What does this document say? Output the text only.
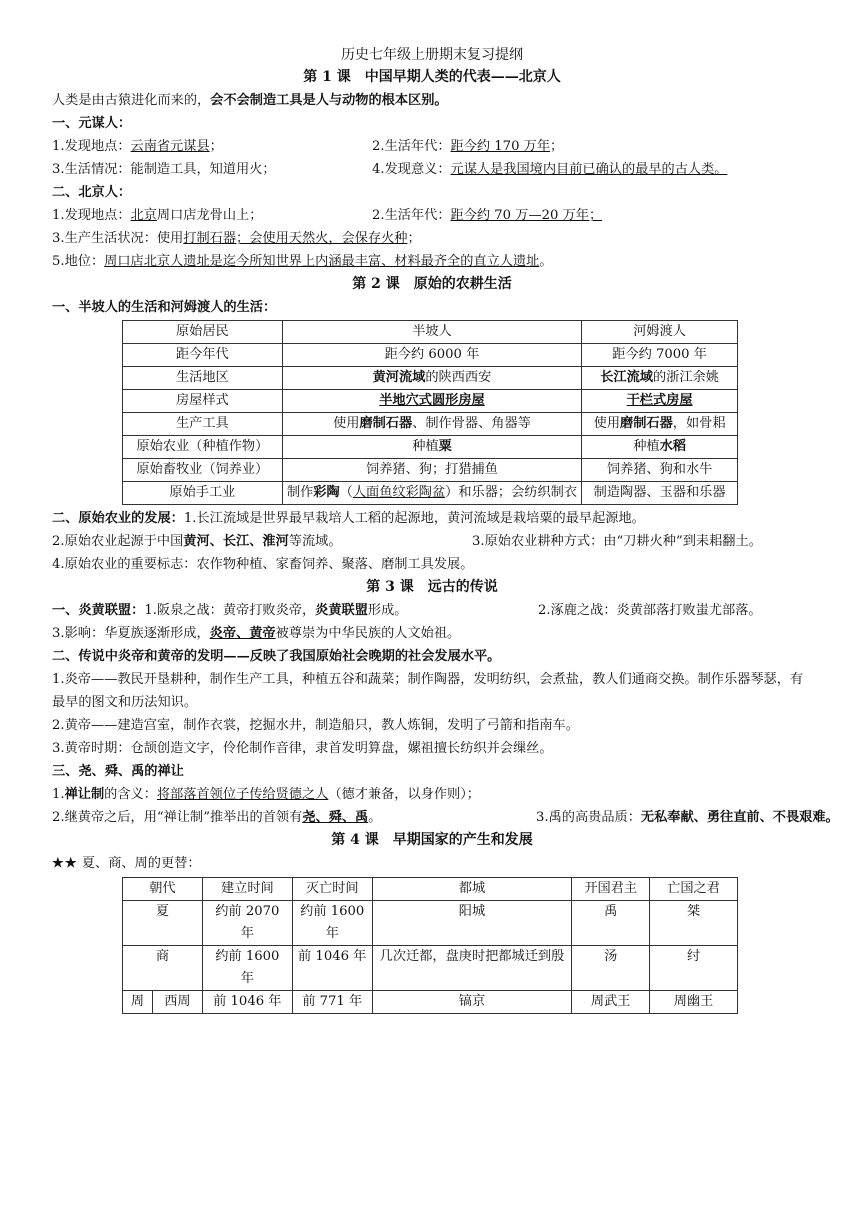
历史七年级上册期末复习提纲
第 1 课　中国早期人类的代表——北京人
人类是由古猿进化而来的，会不会制造工具是人与动物的根本区别。
一、元谋人：
1.发现地点：云南省元谋县；	2.生活年代：距今约 170 万年；
3.生活情况：能制造工具，知道用火；	4.发现意义：元谋人是我国境内目前已确认的最早的古人类。
二、北京人：
1.发现地点：北京周口店龙骨山上；	2.生活年代：距今约 70 万—20 万年；
3.生产生活状况：使用打制石器；会使用天然火，会保存火种；
5.地位：周口店北京人遗址是迄今所知世界上内涵最丰富、材料最齐全的直立人遗址。
第 2 课　原始的农耕生活
一、半坡人的生活和河姆渡人的生活：
原始居民	半坡人	河姆渡人
距今年代	距今约 6000 年	距今约 7000 年
生活地区	黄河流域的陕西西安	长江流域的浙江余姚
房屋样式	半地穴式圆形房屋	干栏式房屋
生产工具	使用磨制石器、制作骨器、角器等	使用磨制石器，如骨耜
原始农业（种植作物）	种植粟	种植水稻
原始畜牧业（饲养业）	饲养猪、狗；打猎捕鱼	饲养猪、狗和水牛
原始手工业	制作彩陶（人面鱼纹彩陶盆）和乐器；会纺织制衣	制造陶器、玉器和乐器
二、原始农业的发展：1.长江流域是世界最早栽培人工稻的起源地，黄河流域是栽培粟的最早起源地。
2.原始农业起源于中国黄河、长江、淮河等流域。	3.原始农业耕种方式：由“刀耕火种”到耒耜翻土。
4.原始农业的重要标志：农作物种植、家畜饲养、聚落、磨制工具发展。
第 3 课　远古的传说
一、炎黄联盟：1.阪泉之战：黄帝打败炎帝，炎黄联盟形成。	2.涿鹿之战：炎黄部落打败蚩尤部落。
3.影响：华夏族逐渐形成，炎帝、黄帝被尊崇为中华民族的人文始祖。
二、传说中炎帝和黄帝的发明——反映了我国原始社会晚期的社会发展水平。
1.炎帝——教民开垦耕种，制作生产工具，种植五谷和蔬菜；制作陶器，发明纺织，会煮盐，教人们通商交换。制作乐器琴瑟，有最早的图文和历法知识。
2.黄帝——建造宫室，制作衣裳，挖掘水井，制造船只，教人炼铜，发明了弓箭和指南车。
3.黄帝时期：仓颉创造文字，伶伦制作音律，隶首发明算盘，嫘祖擅长纺织并会缫丝。
三、尧、舜、禹的禅让
1.禅让制的含义：将部落首领位子传给贤德之人（德才兼备，以身作则）；
2.继黄帝之后，用“禅让制”推举出的首领有尧、舜、禹。	3.禹的高贵品质：无私奉献、勇往直前、不畏艰难。
第 4 课　早期国家的产生和发展
★★ 夏、商、周的更替：
朝代		建立时间	灭亡时间	都城	开国君主	亡国之君
夏		约前 2070 年	约前 1600 年	阳城	禹	桀
商		约前 1600 年	前 1046 年	几次迁都，盘庚时把都城迁到殷	汤	纣
周	西周	前 1046 年	前 771 年	镐京	周武王	周幽王
